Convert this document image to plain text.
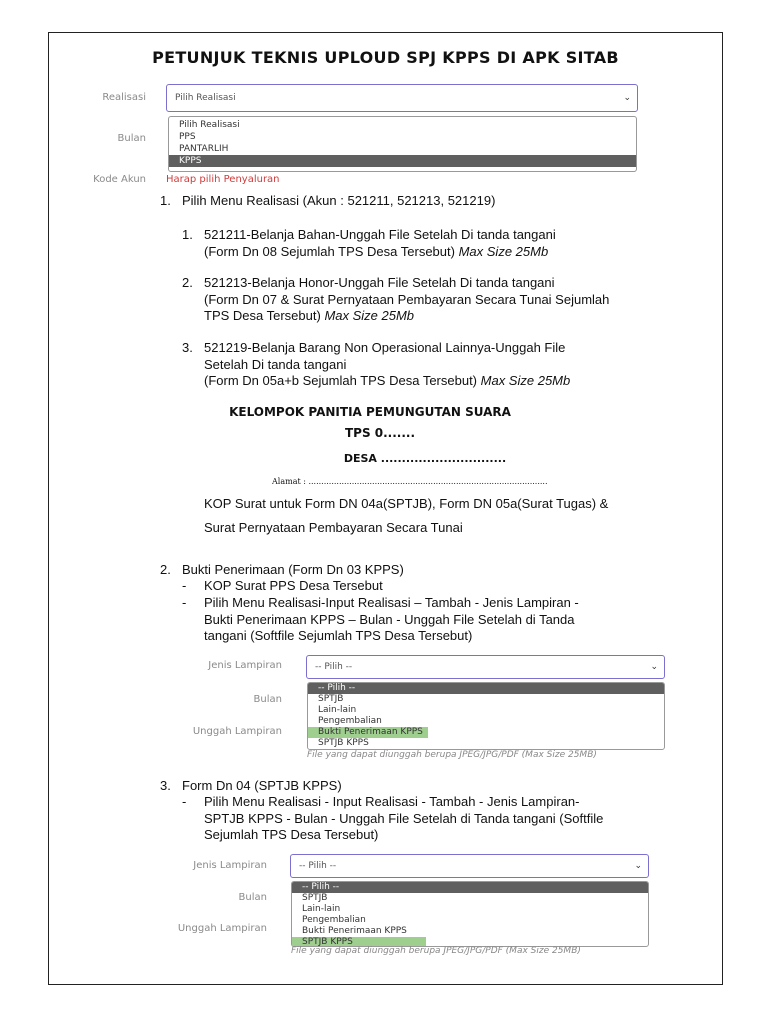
PETUNJUK TEKNIS UPLOUD SPJ KPPS DI APK SITAB
Realisasi	Pilih Realisasi	⌄
Bulan
Pilih Realisasi
PPS
PANTARLIH
KPPS
Kode Akun Harap pilih Penyaluran
1. Pilih Menu Realisasi (Akun : 521211, 521213, 521219)
1. 521211-Belanja Bahan-Unggah File Setelah Di tanda tangani
(Form Dn 08 Sejumlah TPS Desa Tersebut) Max Size 25Mb
2. 521213-Belanja Honor-Unggah File Setelah Di tanda tangani
(Form Dn 07 & Surat Pernyataan Pembayaran Secara Tunai Sejumlah
TPS Desa Tersebut) Max Size 25Mb
3. 521219-Belanja Barang Non Operasional Lainnya-Unggah File
Setelah Di tanda tangani
(Form Dn 05a+b Sejumlah TPS Desa Tersebut) Max Size 25Mb
KELOMPOK PANITIA PEMUNGUTAN SUARA
TPS 0.......
DESA ..............................
Alamat : ..............................................................................................
KOP Surat untuk Form DN 04a(SPTJB), Form DN 05a(Surat Tugas) &
Surat Pernyataan Pembayaran Secara Tunai
2. Bukti Penerimaan (Form Dn 03 KPPS)
- KOP Surat PPS Desa Tersebut
- Pilih Menu Realisasi-Input Realisasi – Tambah - Jenis Lampiran -
Bukti Penerimaan KPPS – Bulan - Unggah File Setelah di Tanda
tangani (Softfile Sejumlah TPS Desa Tersebut)
Jenis Lampiran	-- Pilih --	⌄
Bulan
-- Pilih --
SPTJB
Lain-lain
Pengembalian
Bukti Penerimaan KPPS
SPTJB KPPS
Unggah Lampiran
File yang dapat diunggah berupa JPEG/JPG/PDF (Max Size 25MB)
3. Form Dn 04 (SPTJB KPPS)
- Pilih Menu Realisasi - Input Realisasi - Tambah - Jenis Lampiran-
SPTJB KPPS - Bulan - Unggah File Setelah di Tanda tangani (Softfile
Sejumlah TPS Desa Tersebut)
Jenis Lampiran	-- Pilih --	⌄
Bulan
-- Pilih --
SPTJB
Lain-lain
Pengembalian
Bukti Penerimaan KPPS
SPTJB KPPS
Unggah Lampiran
File yang dapat diunggah berupa JPEG/JPG/PDF (Max Size 25MB)
